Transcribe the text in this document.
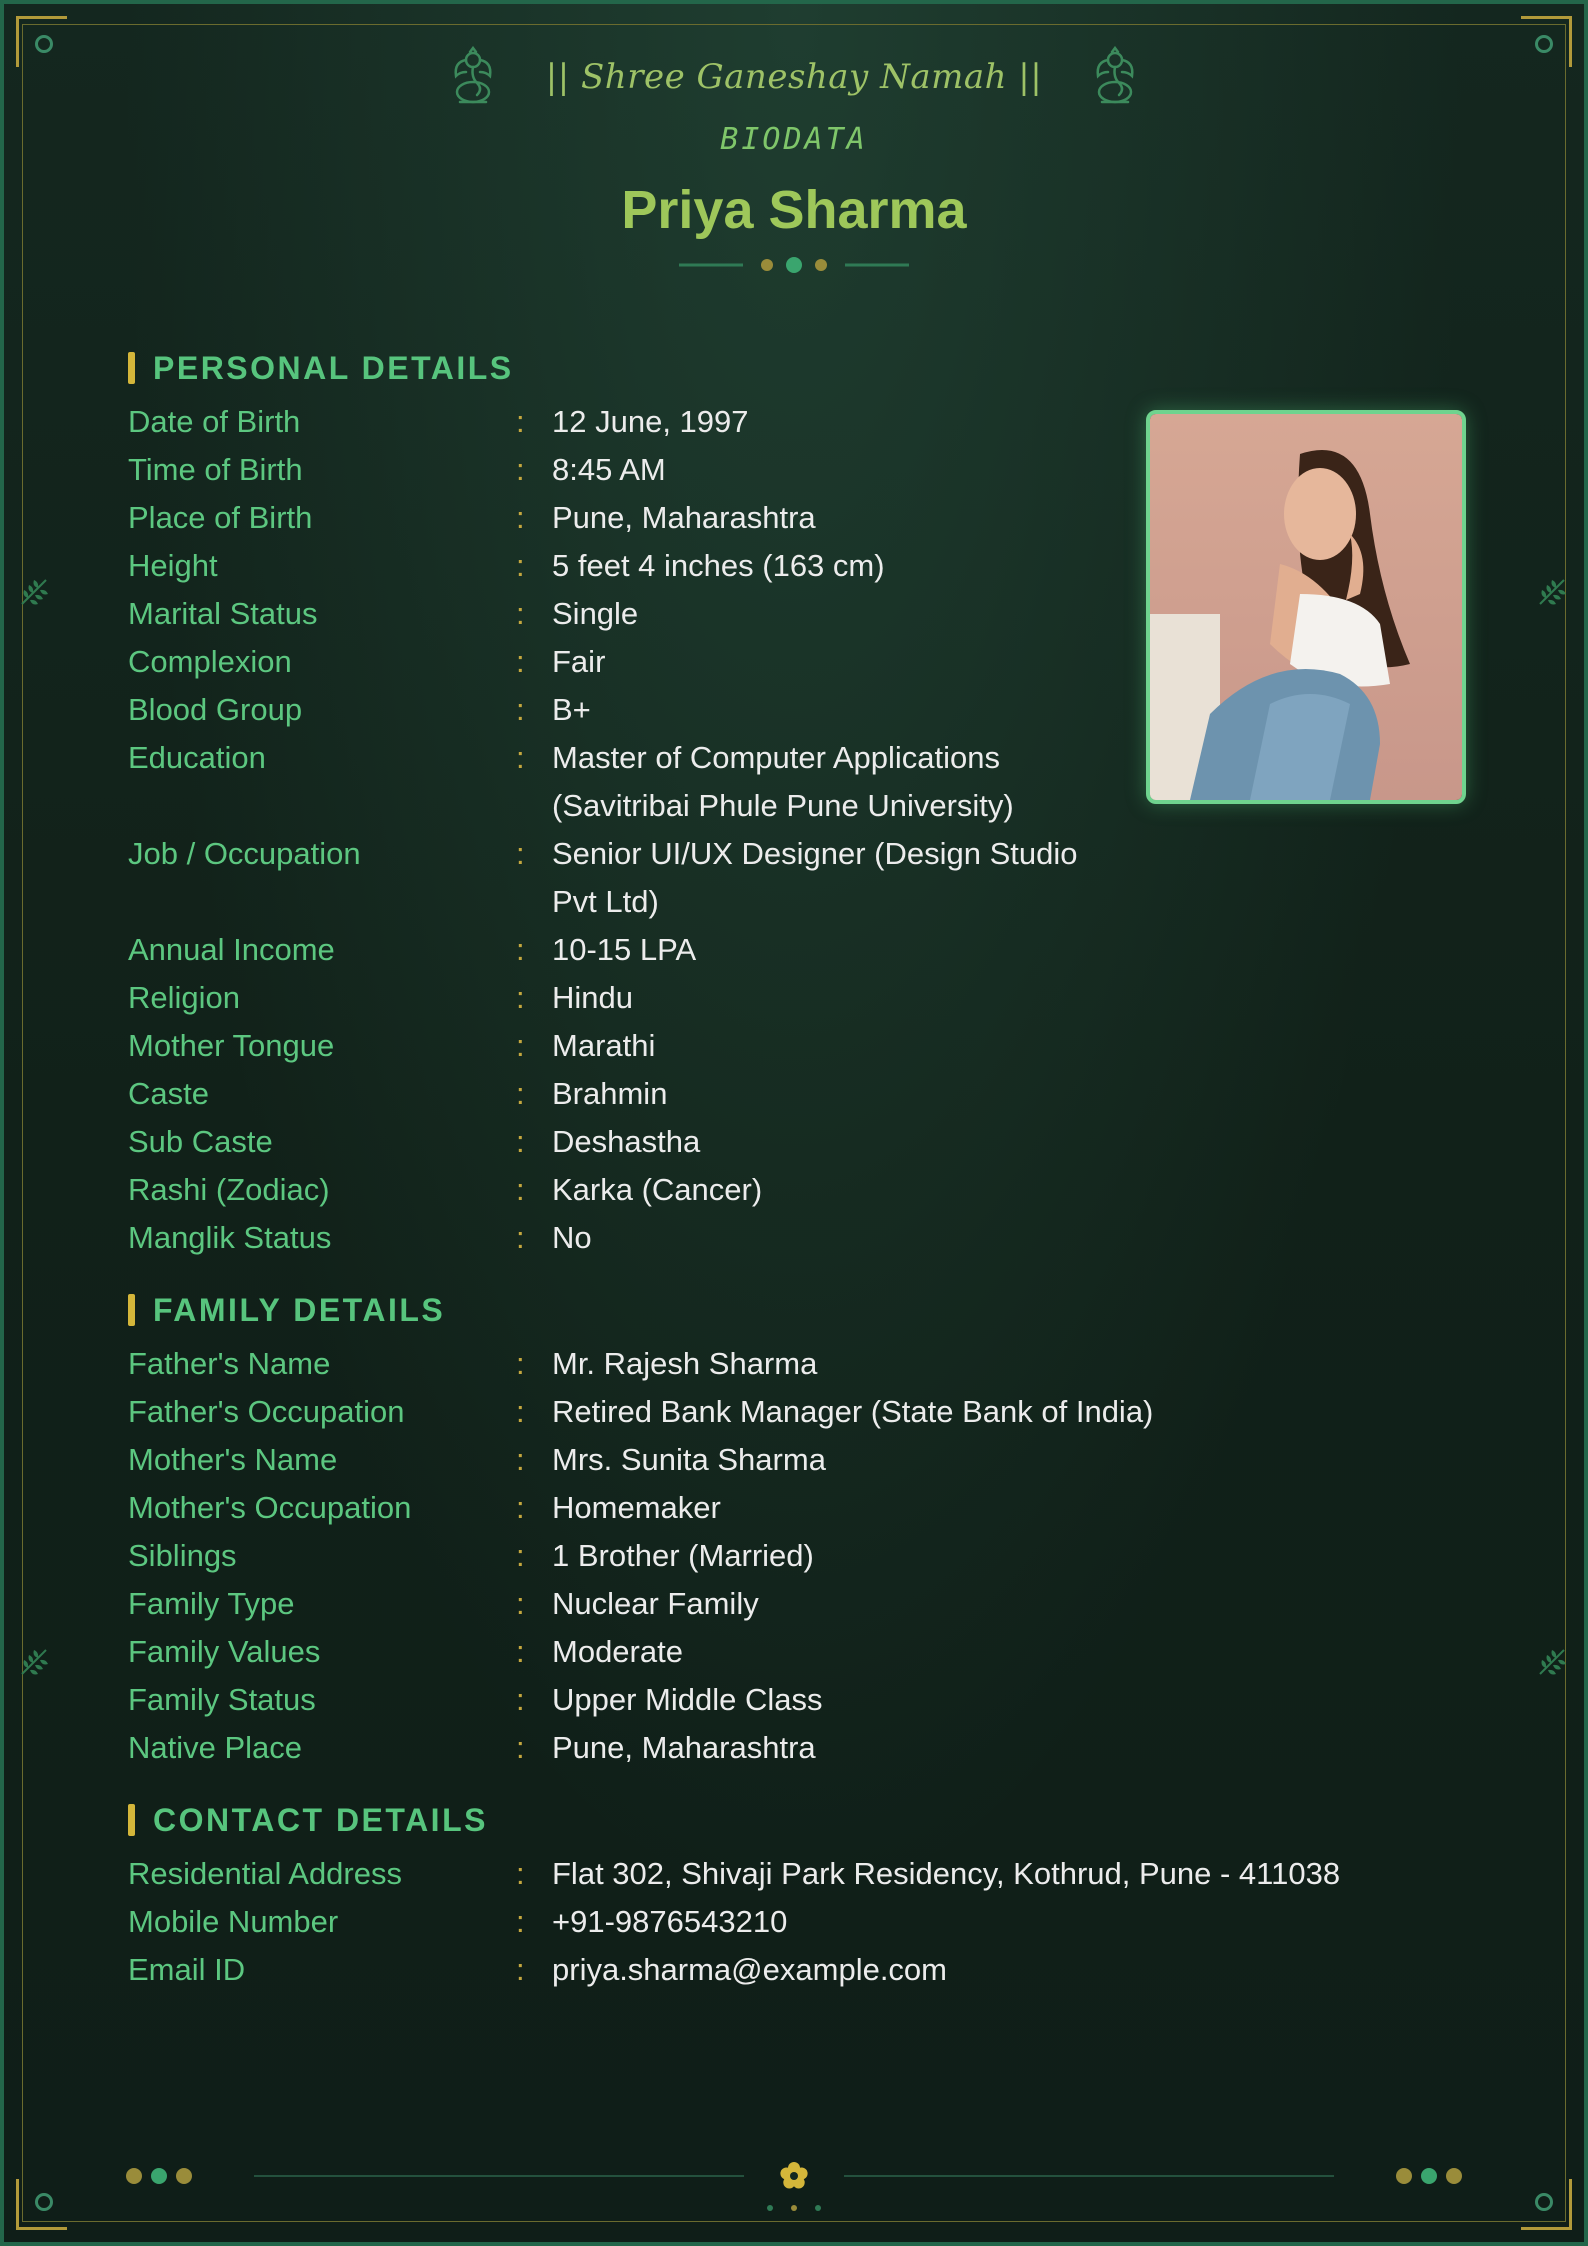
|| Shree Ganeshay Namah ||
BIODATA
Priya Sharma
PERSONAL DETAILS
Date of Birth	: 12 June, 1997
Time of Birth	: 8:45 AM
Place of Birth	: Pune, Maharashtra
Height	: 5 feet 4 inches (163 cm)
Marital Status	: Single
Complexion	: Fair
Blood Group	: B+
Education	: Master of Computer Applications (Savitribai Phule Pune University)
Job / Occupation	: Senior UI/UX Designer (Design Studio Pvt Ltd)
Annual Income	: 10-15 LPA
Religion	: Hindu
Mother Tongue	: Marathi
Caste	: Brahmin
Sub Caste	: Deshastha
Rashi (Zodiac)	: Karka (Cancer)
Manglik Status	: No
FAMILY DETAILS
Father's Name	: Mr. Rajesh Sharma
Father's Occupation	: Retired Bank Manager (State Bank of India)
Mother's Name	: Mrs. Sunita Sharma
Mother's Occupation	: Homemaker
Siblings	: 1 Brother (Married)
Family Type	: Nuclear Family
Family Values	: Moderate
Family Status	: Upper Middle Class
Native Place	: Pune, Maharashtra
CONTACT DETAILS
Residential Address	: Flat 302, Shivaji Park Residency, Kothrud, Pune - 411038
Mobile Number	: +91-9876543210
Email ID	: priya.sharma@example.com
